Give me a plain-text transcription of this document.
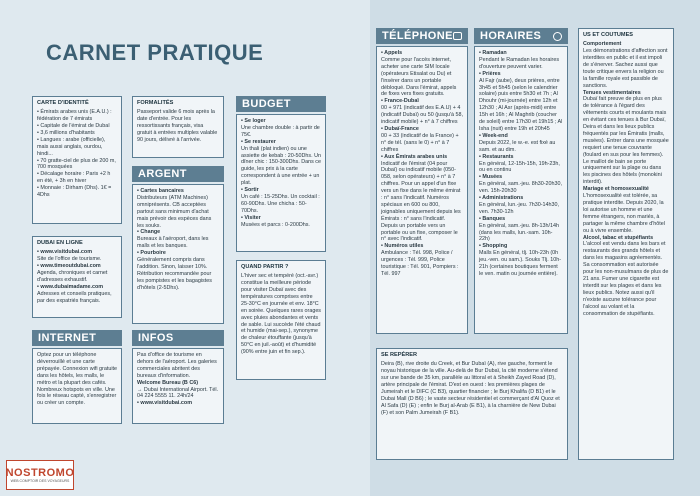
CARNET PRATIQUE
CARTE D'IDENTITÉ
• Émirats arabes unis (E.A.U.) : fédération de 7 émirats
• Capitale de l'émirat de Dubaï
• 3,6 millions d'habitants
• Langues : arabe (officielle), mais aussi anglais, ourdou, hindi...
• 70 gratte-ciel de plus de 200 m, 700 mosquées
• Décalage horaire : Paris +2 h en été, + 3h en hiver
• Monnaie : Dirham (Dhs). 1€ = 4Dhs
FORMALITÉS
Passeport valide 6 mois après la date d'entrée. Pour les ressortissants français, visa gratuit à entrées multiples valable 90 jours, délivré à l'arrivée.
ARGENT
• Cartes bancaires
Distributeurs (ATM Machines) omniprésents. CB acceptées partout sans minimum d'achat mais prévoir des espèces dans les souks.
• Change
Bureaux à l'aéroport, dans les malls et les banques.
• Pourboire
Généralement compris dans l'addition. Sinon, laisser 10%. Rétribution recommandée pour les pompistes et les bagagistes d'hôtels (2-5Dhs).
DUBAI EN LIGNE
• www.visitdubai.com
Site de l'office de tourisme.
• www.timeoutdubai.com
Agenda, chroniques et carnet d'adresses exhaustif.
• www.dubaimadame.com
Adresses et conseils pratiques, par des expatriés français.
INTERNET
Optez pour un téléphone déverrouillé et une carte prépayée. Connexion wifi gratuite dans les hôtels, les malls, le métro et la plupart des cafés. Nombreux hotspots en ville. Une fois le réseau capté, s'enregistrer ou créer un compte.
BUDGET
• Se loger
Une chambre double : à partir de 75€.
• Se restaurer
Un thali (plat indien) ou une assiette de kebab : 20-50Dhs. Un dîner chic : 150-300Dhs. Dans ce guide, les prix à la carte correspondent à une entrée + un plat.
• Sortir
Un café : 15-25Dhs. Un cocktail : 60-90Dhs. Une chicha : 50-70Dhs.
• Visiter
Musées et parcs : 0-200Dhs.
QUAND PARTIR ?
L'hiver sec et tempéré (oct.-avr.) constitue la meilleure période pour visiter Dubaï avec des températures comprises entre 25-30°C en journée et env. 18°C en soirée. Quelques rares orages avec pluies abondantes et vents de sable. Lui succède l'été chaud et humide (mai-sep.), synonyme de chaleur étouffante (jusqu'à 50°C en juil.-août) et d'humidité (90% entre juin et fin sep.).
INFOS
Pas d'office de tourisme en dehors de l'aéroport. Les galeries commerciales abritent des bureaux d'information.
Welcome Bureau (B C6)
→ Dubai International Airport. Tél. 04 224 5555 11. 24h/24
• www.visitdubai.com
TÉLÉPHONE
• Appels
Comme pour l'accès internet, acheter une carte SIM locale (opérateurs Etisalat ou Du) et l'insérer dans un portable débloqué. Dans l'émirat, appels de fixes vers fixes gratuits.
• France-Dubaï
00 + 971 (indicatif des E.A.U) + 4 (indicatif Dubaï) ou 50 (jusqu'à 58, indicatif mobile) + n° à 7 chiffres
• Dubaï-France
00 + 33 (indicatif de la France) + n° de tél. (sans le 0) + n° à 7 chiffres
• Aux Émirats arabes unis
Indicatif de l'émirat (04 pour Dubaï) ou indicatif mobile (050-058, selon opérateurs) + n° à 7 chiffres. Pour un appel d'un fixe vers un fixe dans le même émirat : n° sans l'indicatif. Numéros spéciaux en 600 ou 800, joignables uniquement depuis les Émirats : n° sans l'indicatif. Depuis un portable vers un portable ou un fixe, composer le n° avec l'indicatif.
• Numéros utiles
Ambulance : Tél. 998, Police / urgences : Tél. 999, Police touristique : Tél. 901, Pompiers : Tél. 997
HORAIRES
• Ramadan
Pendant le Ramadan les horaires d'ouverture peuvent varier.
• Prières
Al Fajr (aube), deux prières, entre 3h45 et 5h45 (selon le calendrier solaire) puis entre 5h30 et 7h ; Al Dhouhr (mi-journée) entre 12h et 12h30 ; Al Asr (après-midi) entre 15h et 16h ; Al Maghrib (coucher de soleil) entre 17h30 et 19h15 ; Al Isha (nuit) entre 19h et 20h45
• Week-end
Depuis 2022, le w.-e. est fixé au sam. et au dim.
• Restaurants
En général, 12-15h-15h, 19h-23h, ou en continu
• Musées
En général, sam.-jeu. 8h30-20h30, ven. 15h-20h30
• Administrations
En général, lun.-jeu. 7h30-14h30, ven. 7h30-12h
• Banques
En général, sam.-jeu. 8h-13h/14h (dans les malls, lun.-sam. 10h-22h)
• Shopping
Malls En général, tlj. 10h-23h (0h jeu.-ven. ou sam.). Souks Tlj. 10h-21h (certaines boutiques ferment le ven. matin ou journée entière).
US ET COUTUMES
Comportement
Les démonstrations d'affection sont interdites en public et il est impoli de s'énerver. Sachez aussi que toute critique envers la religion ou la famille royale est passible de sanctions.
Tenues vestimentaires
Dubaï fait preuve de plus en plus de tolérance à l'égard des vêtements courts et moulants mais en évitant ces tenues à Bur Dubaï, Deira et dans les lieux publics fréquentés par les Émiratis (malls, musées). Entrer dans une mosquée requiert une tenue couvrante (foulard en sus pour les femmes). Le maillot de bain se porte uniquement sur la plage ou dans les piscines des hôtels (monokini interdit).
Mariage et homosexualité
L'homosexualité est tolérée, sa pratique interdite. Depuis 2020, la loi autorise un homme et une femme étrangers, non mariés, à partager la même chambre d'hôtel ou à vivre ensemble.
Alcool, tabac et stupéfiants
L'alcool est vendu dans les bars et restaurants des grands hôtels et dans les magasins agréementés. Sa consommation est autorisée pour les non-musulmans de plus de 21 ans. Fumer une cigarette est interdit sur les plages et dans les lieux publics. Notez aussi qu'il n'existe aucune tolérance pour l'alcool au volant et la consommation de stupéfiants.
SE REPÉRER
Deira (B), rive droite du Creek, et Bur Dubaï (A), rive gauche, forment le noyau historique de la ville. Au-delà de Bur Dubaï, la cité moderne s'étend sur une bande de 35 km, parallèle au littoral et à Sheikh Zayed Road (D), artère principale de l'émirat. D'est en ouest : les premières plages de Jumeirah et le DIFC (C B3), quartier financier ; le Burj Khalifa (D B1) et le Dubai Mall (D B6) ; le vaste secteur résidentiel et commerçant d'Al Quoz et Al Safa (D) (E) ; enfin le Burj al-Arab (E B1), à la charnière de New Dubai (F) et son Palm Jumeirah (F B1).
NOSTROMO
WEB COMPTOIR DES VOYAGEURS
